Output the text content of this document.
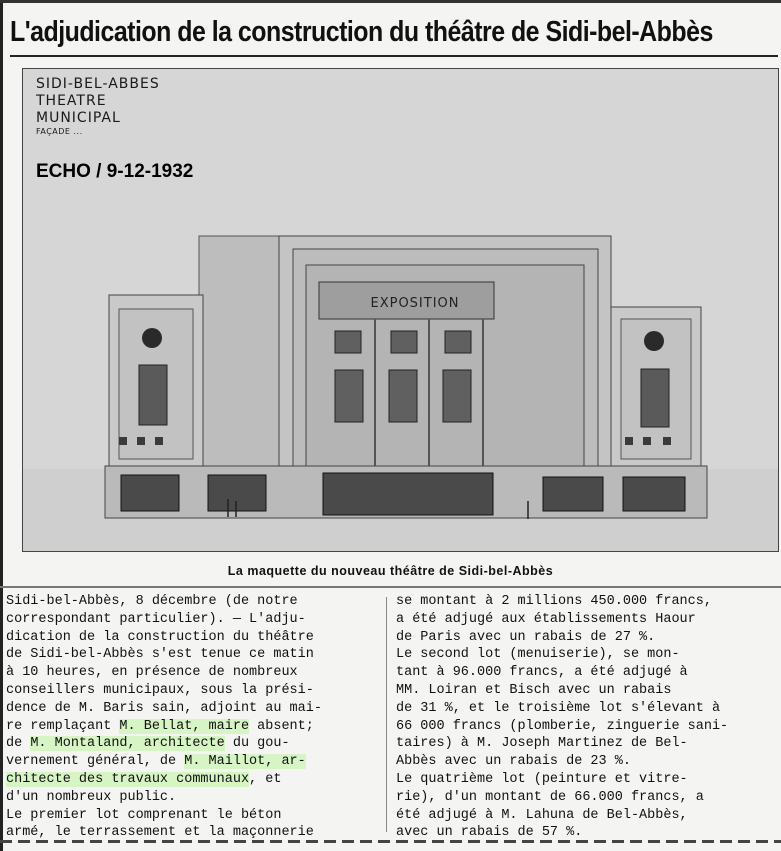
L'adjudication de la construction du théâtre de Sidi-bel-Abbès
SIDI-BEL-ABBES
THEATRE
MUNICIPAL
FAÇADE ...
ECHO / 9-12-1932
EXPOSITION
La maquette du nouveau théâtre de Sidi-bel-Abbès
Sidi-bel-Abbès, 8 décembre (de notre
correspondant particulier). — L'adju-
dication de la construction du théâtre
de Sidi-bel-Abbès s'est tenue ce matin
à 10 heures, en présence de nombreux
conseillers municipaux, sous la prési-
dence de M. Baris sain, adjoint au mai-
re remplaçant M. Bellat, maire absent;
de M. Montaland, architecte du gou-
vernement général, de M. Maillot, ar-
chitecte des travaux communaux, et
d'un nombreux public.
Le premier lot comprenant le béton
armé, le terrassement et la maçonnerie
se montant à 2 millions 450.000 francs,
a été adjugé aux établissements Haour
de Paris avec un rabais de 27 %.
Le second lot (menuiserie), se mon-
tant à 96.000 francs, a été adjugé à
MM. Loiran et Bisch avec un rabais
de 31 %, et le troisième lot s'élevant à
66 000 francs (plomberie, zinguerie sani-
taires) à M. Joseph Martinez de Bel-
Abbès avec un rabais de 23 %.
Le quatrième lot (peinture et vitre-
rie), d'un montant de 66.000 francs, a
été adjugé à M. Lahuna de Bel-Abbès,
avec un rabais de 57 %.
